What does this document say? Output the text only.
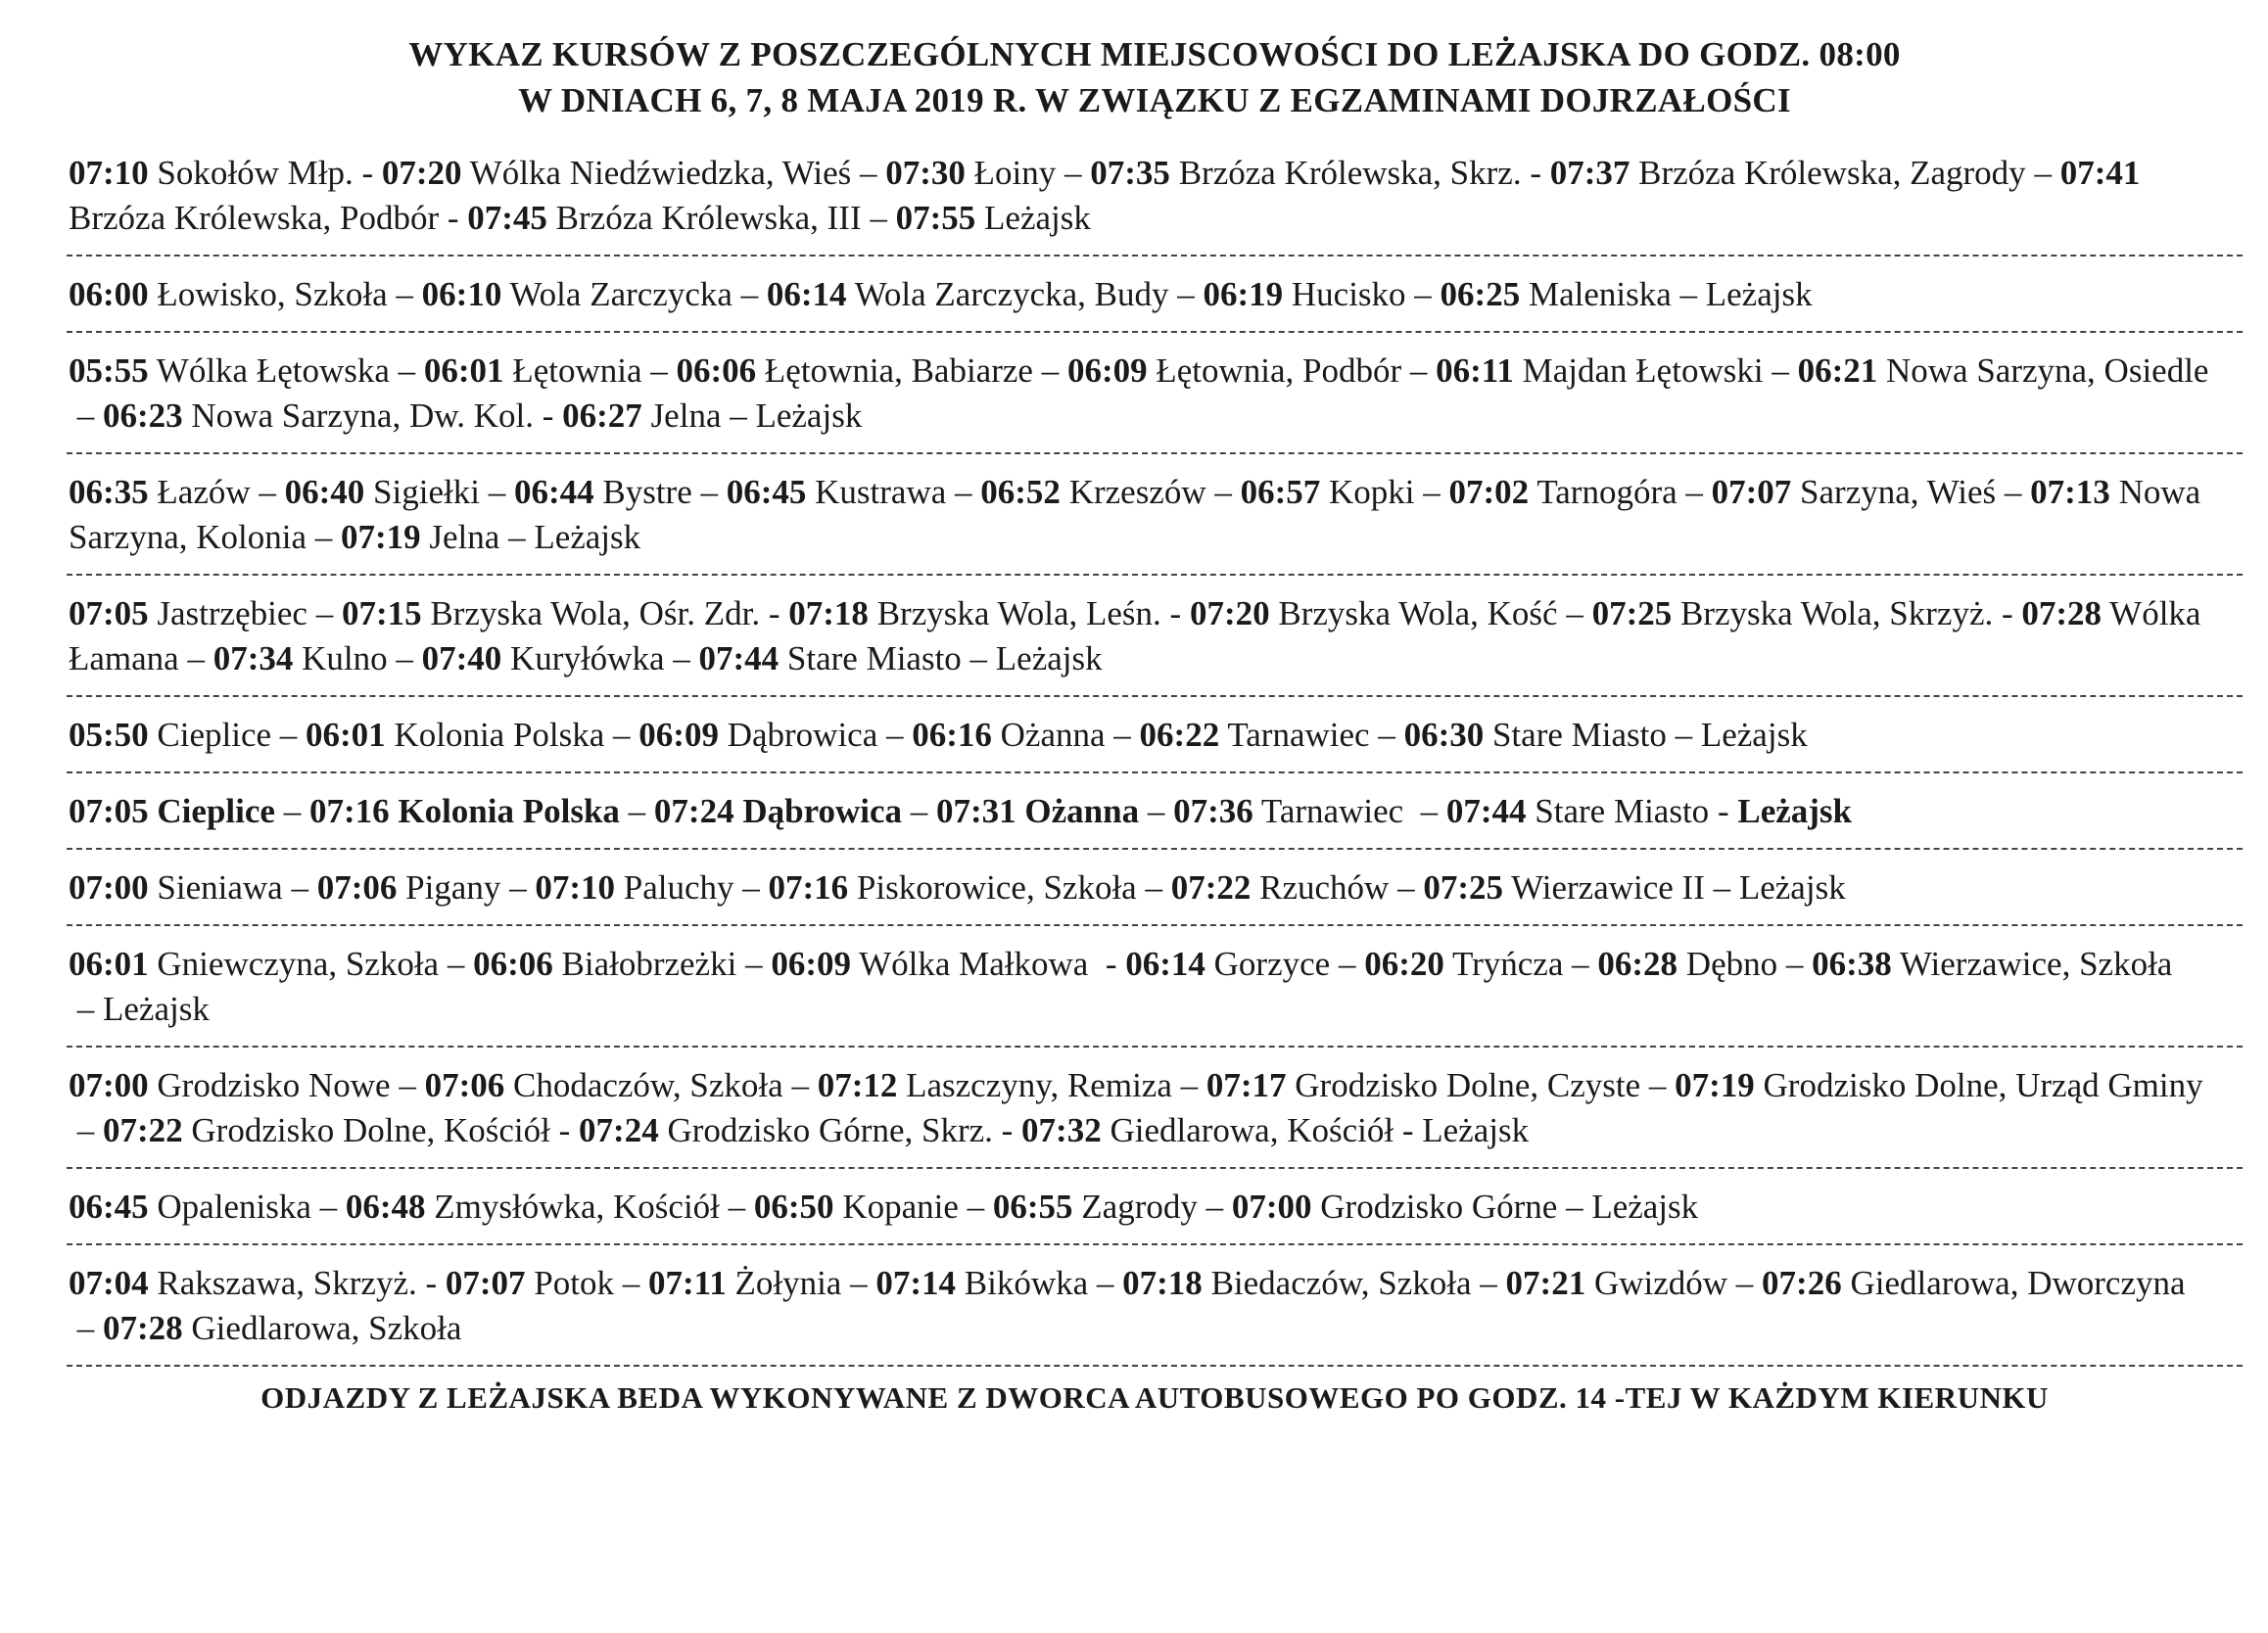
WYKAZ KURSÓW Z POSZCZEGÓLNYCH MIEJSCOWOŚCI DO LEŻAJSKA DO GODZ. 08:00
W DNIACH 6, 7, 8 MAJA 2019 R. W ZWIĄZKU Z EGZAMINAMI DOJRZAŁOŚCI
07:10 Sokołów Młp. - 07:20 Wólka Niedźwiedzka, Wieś – 07:30 Łoiny – 07:35 Brzóza Królewska, Skrz. - 07:37 Brzóza Królewska, Zagrody – 07:41 Brzóza Królewska, Podbór - 07:45 Brzóza Królewska, III – 07:55 Leżajsk
06:00 Łowisko, Szkoła – 06:10 Wola Zarczycka – 06:14 Wola Zarczycka, Budy – 06:19 Hucisko – 06:25 Maleniska – Leżajsk
05:55 Wólka Łętowska – 06:01 Łętownia – 06:06 Łętownia, Babiarze – 06:09 Łętownia, Podbór – 06:11 Majdan Łętowski – 06:21 Nowa Sarzyna, Osiedle – 06:23 Nowa Sarzyna, Dw. Kol. - 06:27 Jelna – Leżajsk
06:35 Łazów – 06:40 Sigiełki – 06:44 Bystre – 06:45 Kustrawa – 06:52 Krzeszów – 06:57 Kopki – 07:02 Tarnogóra – 07:07 Sarzyna, Wieś – 07:13 Nowa Sarzyna, Kolonia – 07:19 Jelna – Leżajsk
07:05 Jastrzębiec – 07:15 Brzyska Wola, Ośr. Zdr. - 07:18 Brzyska Wola, Leśn. - 07:20 Brzyska Wola, Kość – 07:25 Brzyska Wola, Skrzyż. - 07:28 Wólka Łamana – 07:34 Kulno – 07:40 Kuryłówka – 07:44 Stare Miasto – Leżajsk
05:50 Cieplice – 06:01 Kolonia Polska – 06:09 Dąbrowica – 06:16 Ożanna – 06:22 Tarnawiec – 06:30 Stare Miasto – Leżajsk
07:05 Cieplice – 07:16 Kolonia Polska – 07:24 Dąbrowica – 07:31 Ożanna – 07:36 Tarnawiec  – 07:44 Stare Miasto - Leżajsk
07:00 Sieniawa – 07:06 Pigany – 07:10 Paluchy – 07:16 Piskorowice, Szkoła – 07:22 Rzuchów – 07:25 Wierzawice II – Leżajsk
06:01 Gniewczyna, Szkoła – 06:06 Białobrzeżki – 06:09 Wólka Małkowa  - 06:14 Gorzyce – 06:20 Tryńcza – 06:28 Dębno – 06:38 Wierzawice, Szkoła – Leżajsk
07:00 Grodzisko Nowe – 07:06 Chodaczów, Szkoła – 07:12 Laszczyny, Remiza – 07:17 Grodzisko Dolne, Czyste – 07:19 Grodzisko Dolne, Urząd Gminy – 07:22 Grodzisko Dolne, Kościół - 07:24 Grodzisko Górne, Skrz. - 07:32 Giedlarowa, Kościół - Leżajsk
06:45 Opaleniska – 06:48 Zmysłówka, Kościół – 06:50 Kopanie – 06:55 Zagrody – 07:00 Grodzisko Górne – Leżajsk
07:04 Rakszawa, Skrzyż. - 07:07 Potok – 07:11 Żołynia – 07:14 Bikówka – 07:18 Biedaczów, Szkoła – 07:21 Gwizdów – 07:26 Giedlarowa, Dworczyna – 07:28 Giedlarowa, Szkoła
ODJAZDY Z LEŻAJSKA BEDA WYKONYWANE Z DWORCA AUTOBUSOWEGO PO GODZ. 14 -TEJ W KAŻDYM KIERUNKU
